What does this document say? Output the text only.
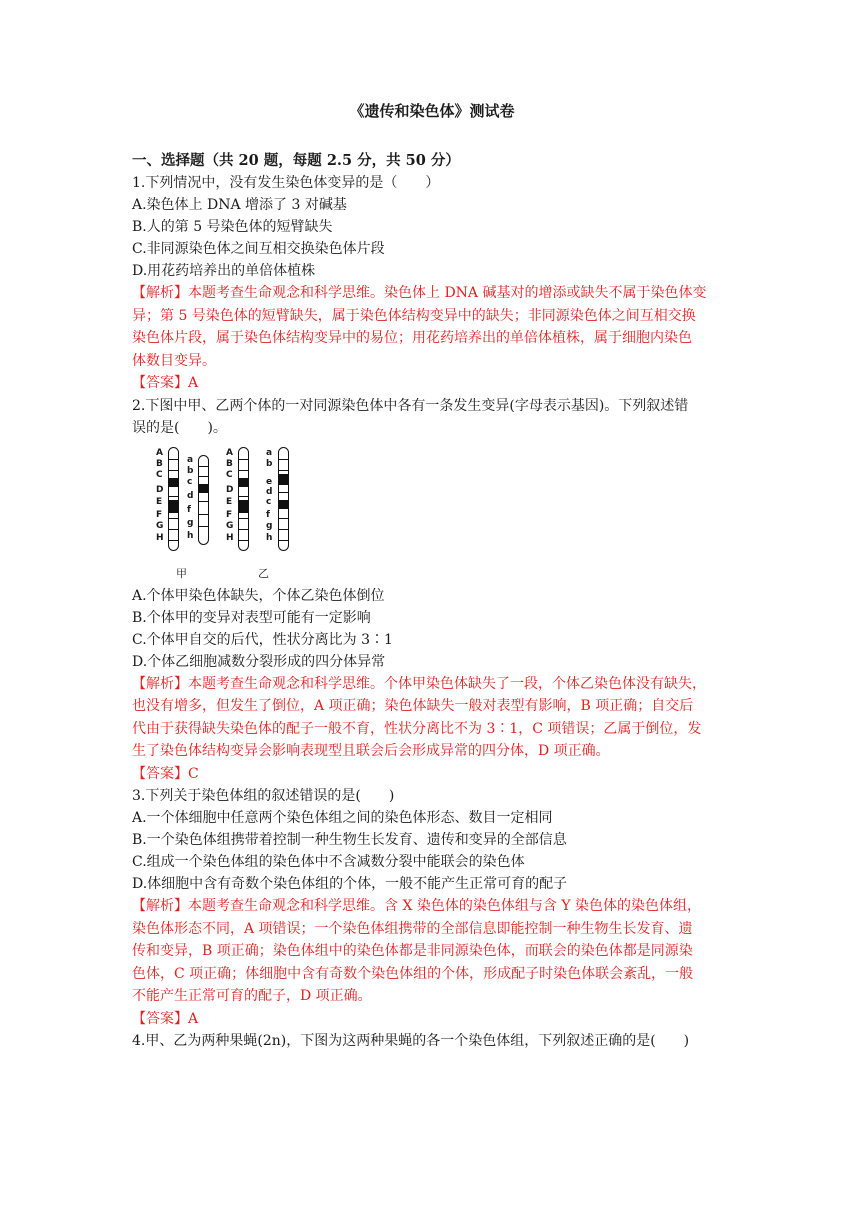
《遗传和染色体》测试卷

一、选择题（共 20 题，每题 2.5 分，共 50 分）

1.下列情况中，没有发生染色体变异的是（　　）

A.染色体上 DNA 增添了 3 对碱基

B.人的第 5 号染色体的短臂缺失

C.非同源染色体之间互相交换染色体片段

D.用花药培养出的单倍体植株

【解析】本题考查生命观念和科学思维。染色体上 DNA 碱基对的增添或缺失不属于染色体变

异；第 5 号染色体的短臂缺失，属于染色体结构变异中的缺失；非同源染色体之间互相交换

染色体片段，属于染色体结构变异中的易位；用花药培养出的单倍体植株，属于细胞内染色

体数目变异。

【答案】A

2.下图中甲、乙两个体的一对同源染色体中各有一条发生变异(字母表示基因)。下列叙述错

误的是(　　)。

A
B
C
D
E
F
G
H
a
b
c
d
f
g
h
甲
A
B
C
D
E
F
G
H
a
b
e
d
c
f
g
h
乙

A.个体甲染色体缺失，个体乙染色体倒位

B.个体甲的变异对表型可能有一定影响

C.个体甲自交的后代，性状分离比为 3∶1

D.个体乙细胞减数分裂形成的四分体异常

【解析】本题考查生命观念和科学思维。个体甲染色体缺失了一段，个体乙染色体没有缺失，

也没有增多，但发生了倒位，A 项正确；染色体缺失一般对表型有影响，B 项正确；自交后

代由于获得缺失染色体的配子一般不育，性状分离比不为 3∶1，C 项错误；乙属于倒位，发

生了染色体结构变异会影响表现型且联会后会形成异常的四分体，D 项正确。

【答案】C

3.下列关于染色体组的叙述错误的是(　　)

A.一个体细胞中任意两个染色体组之间的染色体形态、数目一定相同

B.一个染色体组携带着控制一种生物生长发育、遗传和变异的全部信息

C.组成一个染色体组的染色体中不含减数分裂中能联会的染色体

D.体细胞中含有奇数个染色体组的个体，一般不能产生正常可育的配子

【解析】本题考查生命观念和科学思维。含 X 染色体的染色体组与含 Y 染色体的染色体组，

染色体形态不同，A 项错误；一个染色体组携带的全部信息即能控制一种生物生长发育、遗

传和变异，B 项正确；染色体组中的染色体都是非同源染色体，而联会的染色体都是同源染

色体，C 项正确；体细胞中含有奇数个染色体组的个体，形成配子时染色体联会紊乱，一般

不能产生正常可育的配子，D 项正确。

【答案】A

4.甲、乙为两种果蝇(2n)，下图为这两种果蝇的各一个染色体组，下列叙述正确的是(　　)
